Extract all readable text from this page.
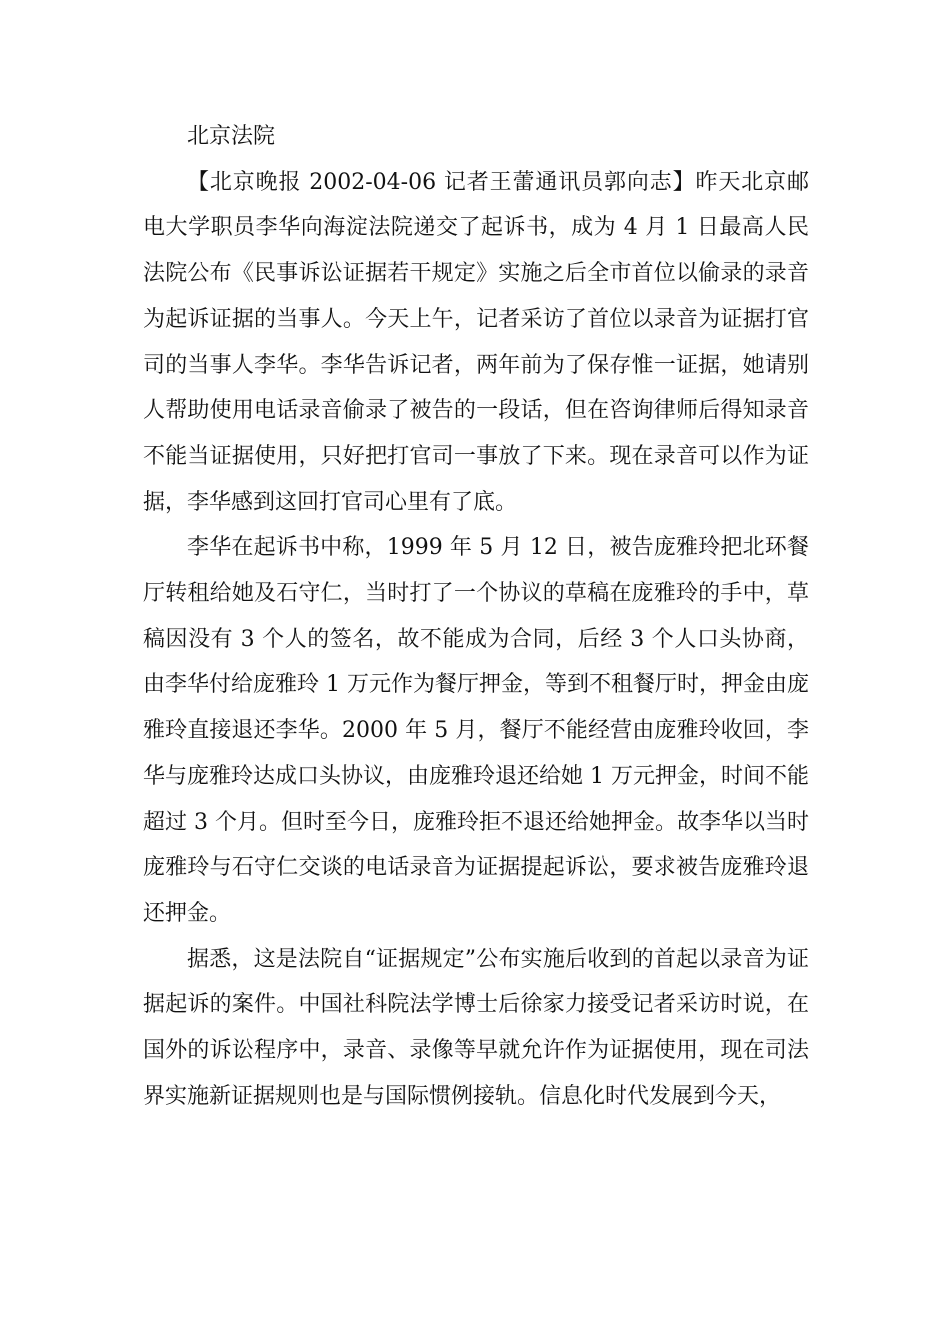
北京法院

【北京晚报 2002-04-06 记者王蕾通讯员郭向志】昨天北京邮电大学职员李华向海淀法院递交了起诉书，成为 4 月 1 日最高人民法院公布《民事诉讼证据若干规定》实施之后全市首位以偷录的录音为起诉证据的当事人。今天上午，记者采访了首位以录音为证据打官司的当事人李华。李华告诉记者，两年前为了保存惟一证据，她请别人帮助使用电话录音偷录了被告的一段话，但在咨询律师后得知录音不能当证据使用，只好把打官司一事放了下来。现在录音可以作为证据，李华感到这回打官司心里有了底。

李华在起诉书中称，1999 年 5 月 12 日，被告庞雅玲把北环餐厅转租给她及石守仁，当时打了一个协议的草稿在庞雅玲的手中，草稿因没有 3 个人的签名，故不能成为合同，后经 3 个人口头协商，由李华付给庞雅玲 1 万元作为餐厅押金，等到不租餐厅时，押金由庞雅玲直接退还李华。2000 年 5 月，餐厅不能经营由庞雅玲收回，李华与庞雅玲达成口头协议，由庞雅玲退还给她 1 万元押金，时间不能超过 3 个月。但时至今日，庞雅玲拒不退还给她押金。故李华以当时庞雅玲与石守仁交谈的电话录音为证据提起诉讼，要求被告庞雅玲退还押金。

据悉，这是法院自“证据规定”公布实施后收到的首起以录音为证据起诉的案件。中国社科院法学博士后徐家力接受记者采访时说，在国外的诉讼程序中，录音、录像等早就允许作为证据使用，现在司法界实施新证据规则也是与国际惯例接轨。信息化时代发展到今天，
